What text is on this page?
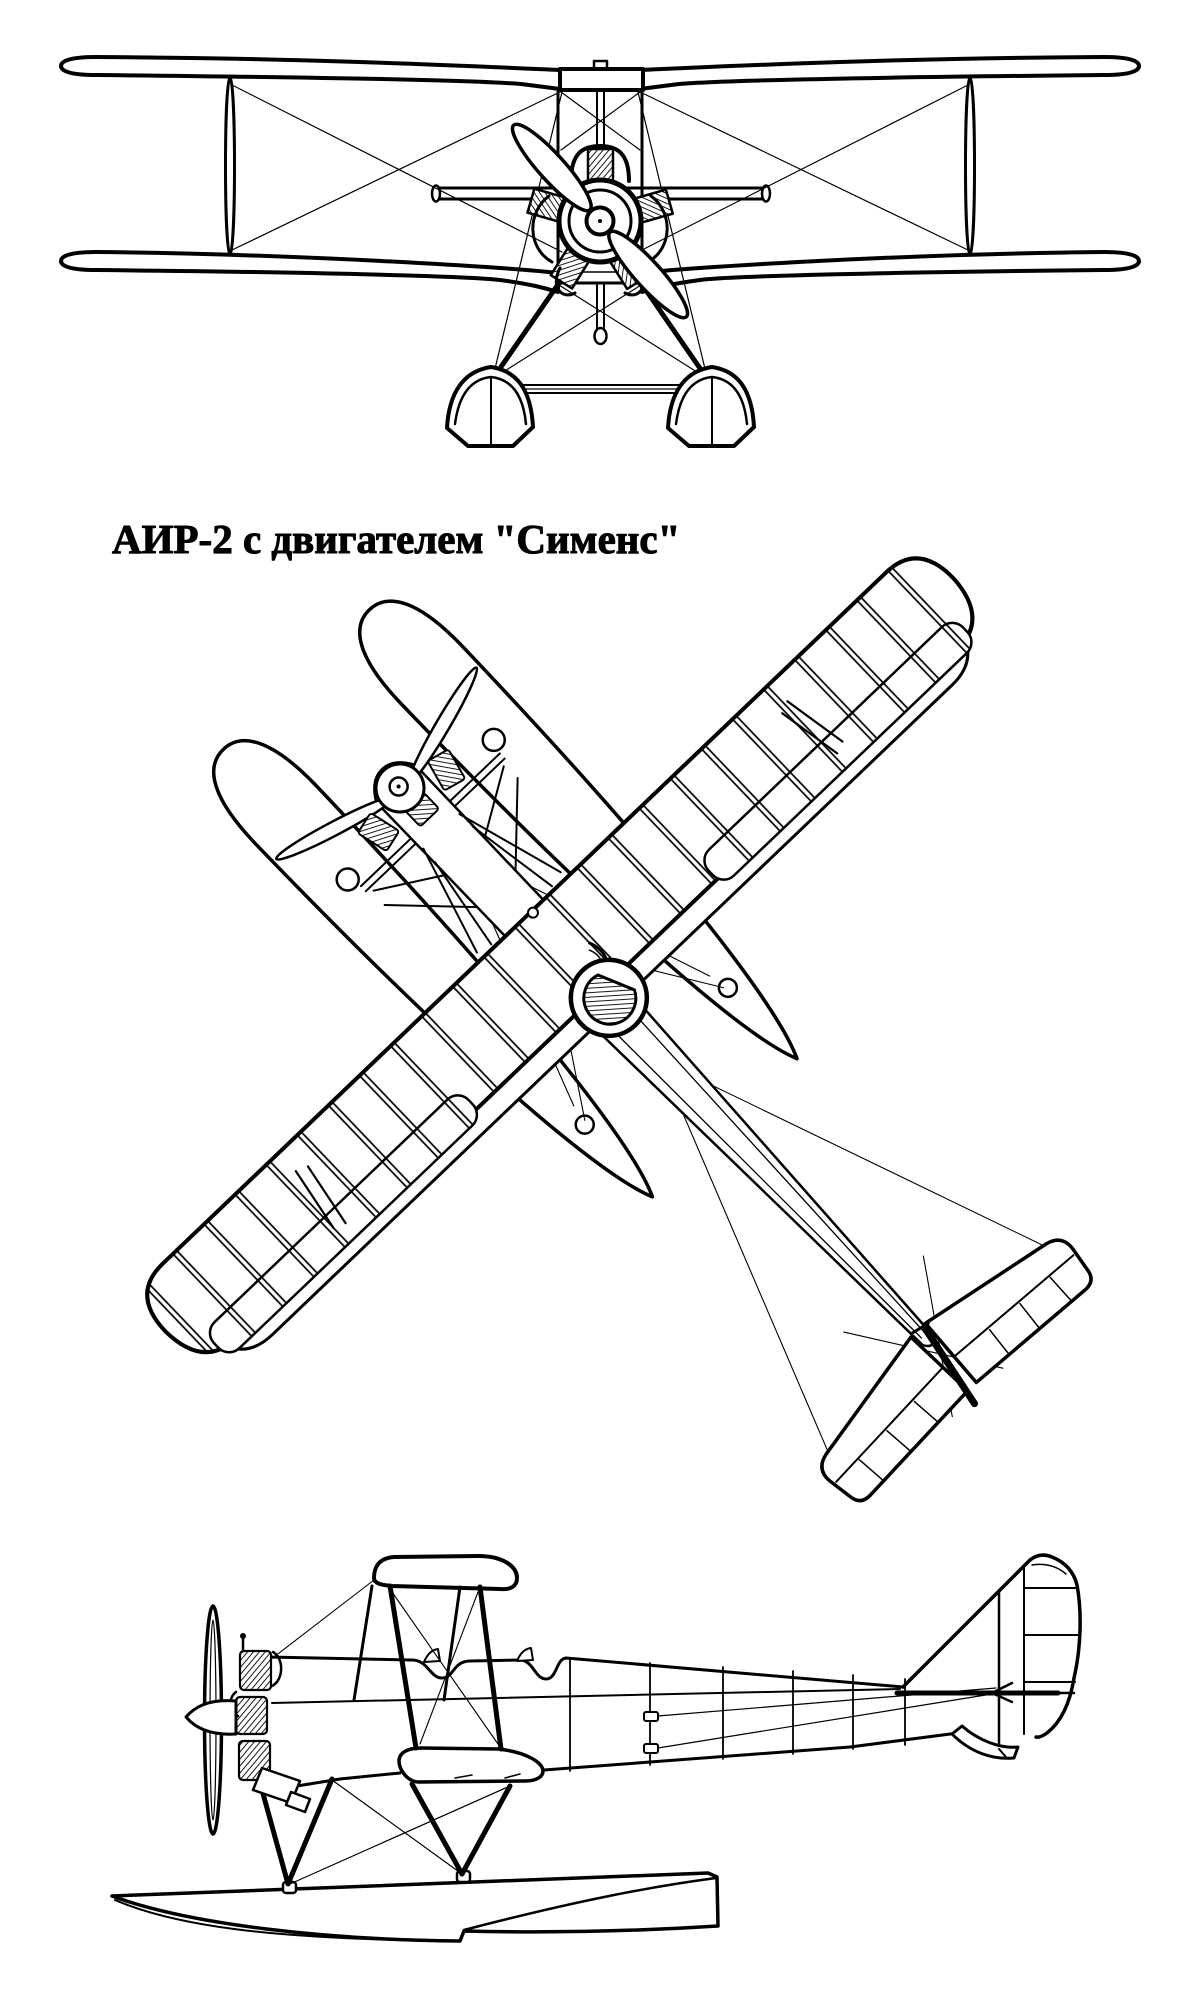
АИР-2 с двигателем "Сименс"
